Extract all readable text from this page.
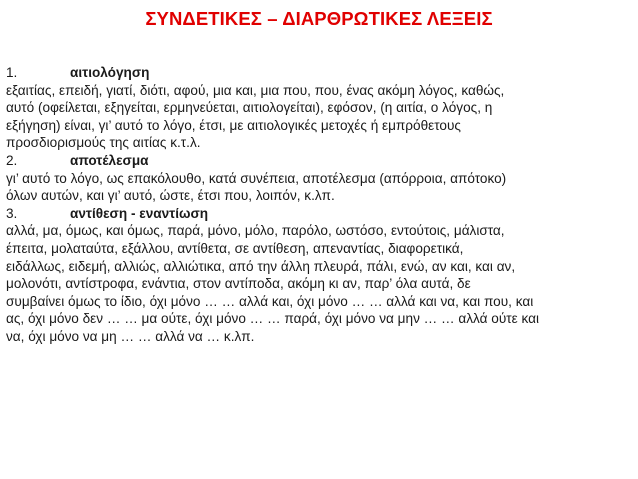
ΣΥΝΔΕΤΙΚΕΣ – ΔΙΑΡΘΡΩΤΙΚΕΣ ΛΕΞΕΙΣ

1.	αιτιολόγηση

εξαιτίας, επειδή, γιατί, διότι, αφού, μια και, μια που, που, ένας ακόμη λόγος, καθώς,

αυτό (οφείλεται, εξηγείται, ερμηνεύεται, αιτιολογείται), εφόσον, (η αιτία, ο λόγος, η

εξήγηση) είναι, γι’ αυτό το λόγο, έτσι, με αιτιολογικές μετοχές ή εμπρόθετους

προσδιορισμούς της αιτίας κ.τ.λ.

2.	αποτέλεσμα

γι’ αυτό το λόγο, ως επακόλουθο, κατά συνέπεια, αποτέλεσμα (απόρροια, απότοκο)

όλων αυτών, και γι’ αυτό, ώστε, έτσι που, λοιπόν, κ.λπ.

3.	αντίθεση - εναντίωση

αλλά, μα, όμως, και όμως, παρά, μόνο, μόλο, παρόλο, ωστόσο, εντούτοις, μάλιστα,

έπειτα, μολαταύτα, εξάλλου, αντίθετα, σε αντίθεση, απεναντίας, διαφορετικά,

ειδάλλως, ειδεμή, αλλιώς, αλλιώτικα, από την άλλη πλευρά, πάλι, ενώ, αν και, και αν,

μολονότι, αντίστροφα, ενάντια, στον αντίποδα, ακόμη κι αν, παρ’ όλα αυτά, δε

συμβαίνει όμως το ίδιο, όχι μόνο … … αλλά και, όχι μόνο … … αλλά και να, και που, και

ας, όχι μόνο δεν … … μα ούτε, όχι μόνο … … παρά, όχι μόνο να μην … … αλλά ούτε και

να, όχι μόνο να μη … … αλλά να … κ.λπ.
